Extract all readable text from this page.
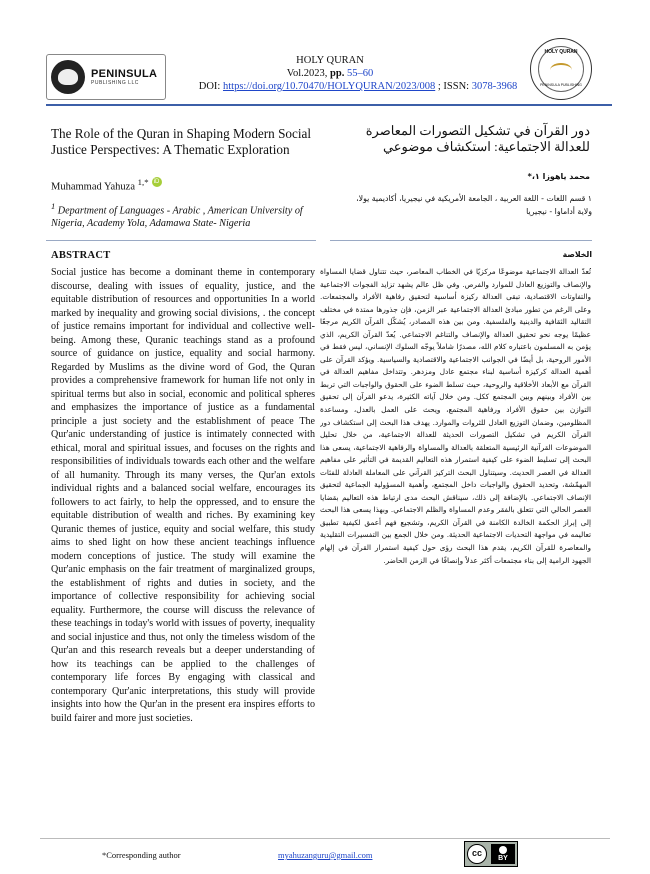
PENINSULA
PUBLISHING LLC
HOLY QURAN
Vol.2023, pp. 55–60
DOI: https://doi.org/10.70470/HOLYQURAN/2023/008 ; ISSN: 3078-3968
HOLY QURAN
PENINSULA PUBLISHING
The Role of the Quran in Shaping Modern Social Justice Perspectives: A Thematic Exploration
دور القرآن في تشكيل التصورات المعاصرة للعدالة الاجتماعية: استكشاف موضوعي
Muhammad Yahuza $^{1,*}$ iD
$^1$ Department of Languages - Arabic , American University of Nigeria, Academy Yola, Adamawa State- Nigeria
محمد ياهوزا ١،*
١ قسم اللغات - اللغة العربية ، الجامعة الأمريكية في نيجيريا، أكاديمية يولا، ولاية أداماوا - نيجيريا
ABSTRACT
Social justice has become a dominant theme in contemporary discourse, dealing with issues of equality, justice, and the equitable distribution of resources and opportunities In a world marked by inequality and growing social divisions, . the concept of justice remains important for individual and collective well-being. Among these, Quranic teachings stand as a profound source of guidance on justice, equality and social harmony. Regarded by Muslims as the divine word of God, the Quran provides a comprehensive framework for human life not only in spiritual terms but also in social, economic and political spheres and emphasizes the importance of justice as a fundamental principle a just society and the establishment of peace The Qur'anic understanding of justice is intimately connected with ethical, moral and spiritual issues, and focuses on the rights and responsibilities of individuals towards each other and the welfare of all humanity. Through its many verses, the Qur'an extols individual rights and a balanced social welfare, encourages its followers to act fairly, to help the oppressed, and to ensure the equitable distribution of wealth and riches. By examining key Quranic themes of justice, equity and social welfare, this study aims to shed light on how these ancient teachings influence modern conceptions of justice. The study will examine the Qur'anic emphasis on the fair treatment of marginalized groups, the establishment of rights and duties in society, and the importance of collective responsibility for achieving social equality. Furthermore, the course will discuss the relevance of these teachings in today's world with issues of poverty, inequality and social injustice and thus, not only the timeless wisdom of the Qur'an and this research reveals but a deeper understanding of how its teachings can be applied to the challenges of contemporary life forces By engaging with classical and contemporary Qur'anic interpretations, this study will provide insights into how the Qur'an in the present era inspires efforts to build fairer and more just societies.
الخلاصة
تُعدّ العدالة الاجتماعية موضوعًا مركزيًا في الخطاب المعاصر، حيث تتناول قضايا المساواة والإنصاف والتوزيع العادل للموارد والفرص. وفي ظل عالم يشهد تزايد الفجوات الاجتماعية والتفاوتات الاقتصادية، تبقى العدالة ركيزة أساسية لتحقيق رفاهية الأفراد والمجتمعات. وعلى الرغم من تطور مبادئ العدالة الاجتماعية عبر الزمن، فإن جذورها ممتدة في مختلف التقاليد الثقافية والدينية والفلسفية. ومن بين هذه المصادر، يُشكّل القرآن الكريم مرجعًا عظيمًا يوجه نحو تحقيق العدالة والإنصاف والتناغم الاجتماعي. يُعدّ القرآن الكريم، الذي يؤمن به المسلمون باعتباره كلام الله، مصدرًا شاملاً يوجّه السلوك الإنساني، ليس فقط في الأمور الروحية، بل أيضًا في الجوانب الاجتماعية والاقتصادية والسياسية. ويؤكد القرآن على أهمية العدالة كركيزة أساسية لبناء مجتمع عادل ومزدهر. وتتداخل مفاهيم العدالة في القرآن مع الأبعاد الأخلاقية والروحية، حيث تسلط الضوء على الحقوق والواجبات التي تربط بين الأفراد وبينهم وبين المجتمع ككل. ومن خلال آياته الكثيرة، يدعو القرآن إلى تحقيق التوازن بين حقوق الأفراد ورفاهية المجتمع، ويحث على العمل بالعدل، ومساعدة المظلومين، وضمان التوزيع العادل للثروات والموارد. يهدف هذا البحث إلى استكشاف دور القرآن الكريم في تشكيل التصورات الحديثة للعدالة الاجتماعية، من خلال تحليل الموضوعات القرآنية الرئيسية المتعلقة بالعدالة والمساواة والرفاهية الاجتماعية، يسعى هذا البحث إلى تسليط الضوء على كيفية استمرار هذه التعاليم القديمة في التأثير على مفاهيم العدالة في العصر الحديث. وسيتناول البحث التركيز القرآني على المعاملة العادلة للفئات المهمّشة، وتحديد الحقوق والواجبات داخل المجتمع، وأهمية المسؤولية الجماعية لتحقيق الإنصاف الاجتماعي. بالإضافة إلى ذلك، سيناقش البحث مدى ارتباط هذه التعاليم بقضايا العصر الحالي التي تتعلق بالفقر وعدم المساواة والظلم الاجتماعي. وبهذا يسعى هذا البحث إلى إبراز الحكمة الخالدة الكامنة في القرآن الكريم، وتشجيع فهم أعمق لكيفية تطبيق تعاليمه في مواجهة التحديات الاجتماعية الحديثة. ومن خلال الجمع بين التفسيرات التقليدية والمعاصرة للقرآن الكريم، يقدم هذا البحث رؤى حول كيفية استمرار القرآن في إلهام الجهود الرامية إلى بناء مجتمعات أكثر عدلاً وإنصافًا في الزمن الحاضر.
*Corresponding author	myahuzanguru@gmail.com	cc
BY
